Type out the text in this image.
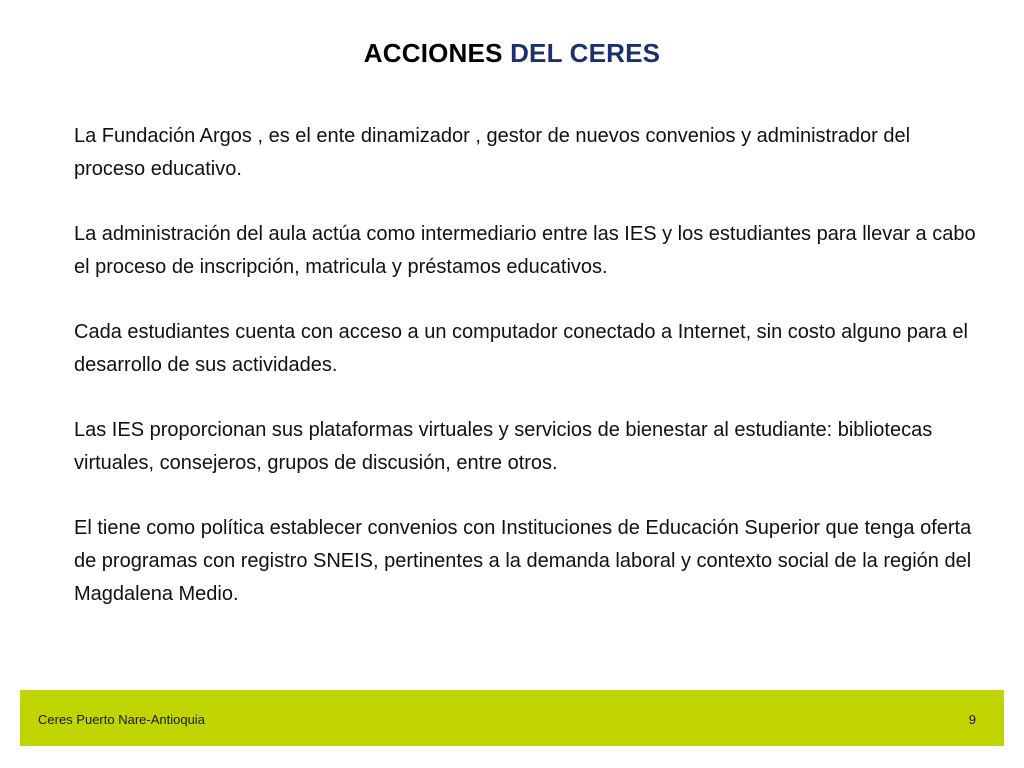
ACCIONES DEL CERES

La Fundación Argos , es el ente dinamizador , gestor de nuevos convenios y administrador del proceso educativo.

La administración del aula actúa como intermediario entre las IES y los estudiantes para llevar a cabo el proceso de inscripción, matricula y préstamos educativos.

Cada estudiantes cuenta con acceso a un computador conectado a Internet, sin costo alguno para el desarrollo de sus actividades.

Las IES proporcionan sus plataformas virtuales y servicios de bienestar al estudiante: bibliotecas virtuales, consejeros, grupos de discusión, entre otros.

El tiene como política establecer convenios con Instituciones de Educación Superior que tenga oferta de programas con registro SNEIS, pertinentes a la demanda laboral y contexto social de la región del Magdalena Medio.

Ceres Puerto Nare-Antioquia	9
